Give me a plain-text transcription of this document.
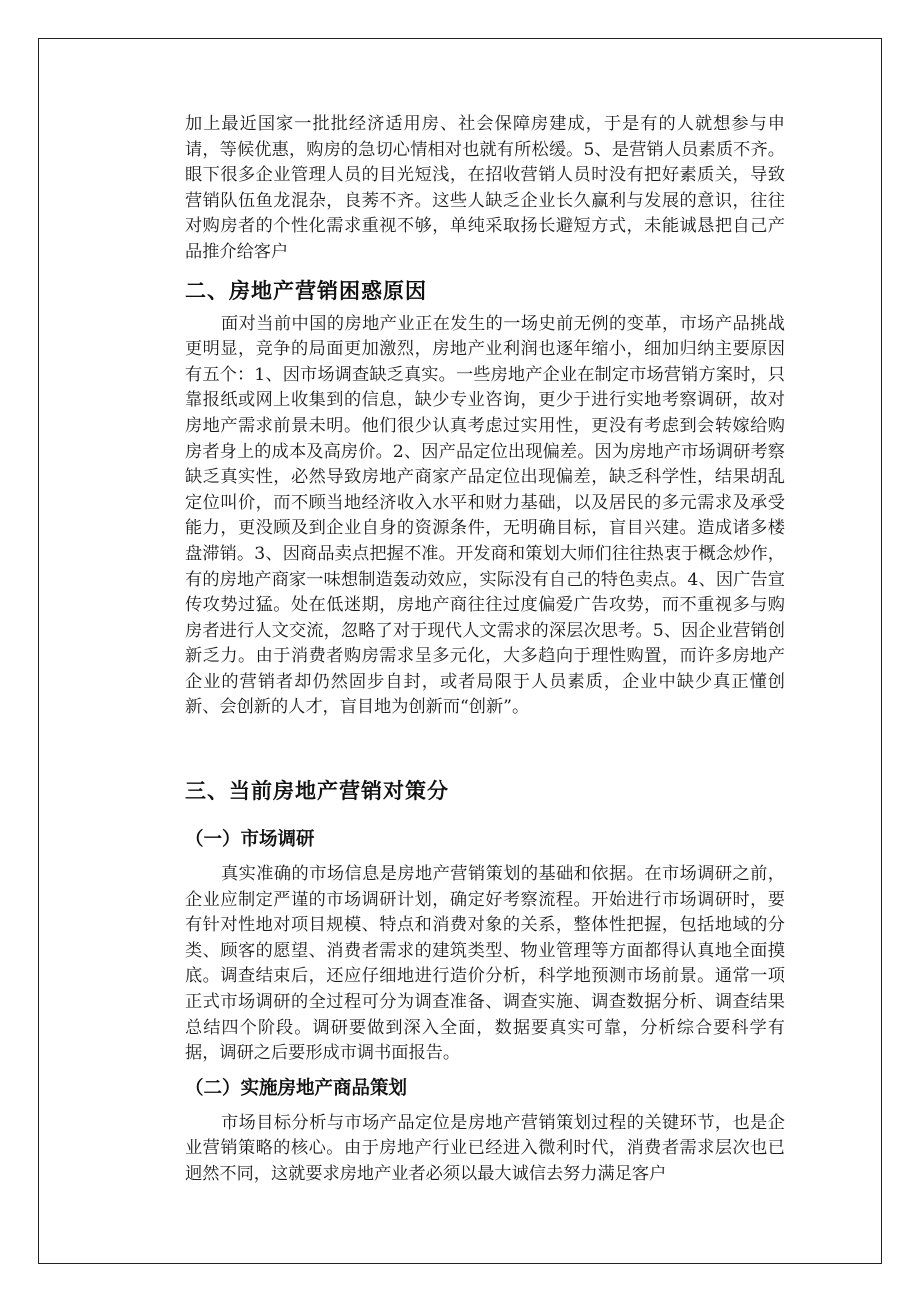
加上最近国家一批批经济适用房、社会保障房建成，于是有的人就想参与申请，等候优惠，购房的急切心情相对也就有所松缓。5、是营销人员素质不齐。眼下很多企业管理人员的目光短浅，在招收营销人员时没有把好素质关，导致营销队伍鱼龙混杂，良莠不齐。这些人缺乏企业长久赢利与发展的意识，往往对购房者的个性化需求重视不够，单纯采取扬长避短方式，未能诚恳把自己产品推介给客户

二、房地产营销困惑原因

面对当前中国的房地产业正在发生的一场史前无例的变革，市场产品挑战更明显，竞争的局面更加激烈，房地产业利润也逐年缩小，细加归纳主要原因有五个：1、因市场调查缺乏真实。一些房地产企业在制定市场营销方案时，只靠报纸或网上收集到的信息，缺少专业咨询，更少于进行实地考察调研，故对房地产需求前景未明。他们很少认真考虑过实用性，更没有考虑到会转嫁给购房者身上的成本及高房价。2、因产品定位出现偏差。因为房地产市场调研考察缺乏真实性，必然导致房地产商家产品定位出现偏差，缺乏科学性，结果胡乱定位叫价，而不顾当地经济收入水平和财力基础，以及居民的多元需求及承受能力，更没顾及到企业自身的资源条件，无明确目标，盲目兴建。造成诸多楼盘滞销。3、因商品卖点把握不准。开发商和策划大师们往往热衷于概念炒作，有的房地产商家一味想制造轰动效应，实际没有自己的特色卖点。4、因广告宣传攻势过猛。处在低迷期，房地产商往往过度偏爱广告攻势，而不重视多与购房者进行人文交流，忽略了对于现代人文需求的深层次思考。5、因企业营销创新乏力。由于消费者购房需求呈多元化，大多趋向于理性购置，而许多房地产企业的营销者却仍然固步自封，或者局限于人员素质，企业中缺少真正懂创新、会创新的人才，盲目地为创新而“创新”。

三、当前房地产营销对策分
（一）市场调研

真实准确的市场信息是房地产营销策划的基础和依据。在市场调研之前，企业应制定严谨的市场调研计划，确定好考察流程。开始进行市场调研时，要有针对性地对项目规模、特点和消费对象的关系，整体性把握，包括地域的分类、顾客的愿望、消费者需求的建筑类型、物业管理等方面都得认真地全面摸底。调查结束后，还应仔细地进行造价分析，科学地预测市场前景。通常一项正式市场调研的全过程可分为调查准备、调查实施、调查数据分析、调查结果总结四个阶段。调研要做到深入全面，数据要真实可靠，分析综合要科学有据，调研之后要形成市调书面报告。

（二）实施房地产商品策划

市场目标分析与市场产品定位是房地产营销策划过程的关键环节，也是企业营销策略的核心。由于房地产行业已经进入微利时代，消费者需求层次也已迥然不同，这就要求房地产业者必须以最大诚信去努力满足客户
